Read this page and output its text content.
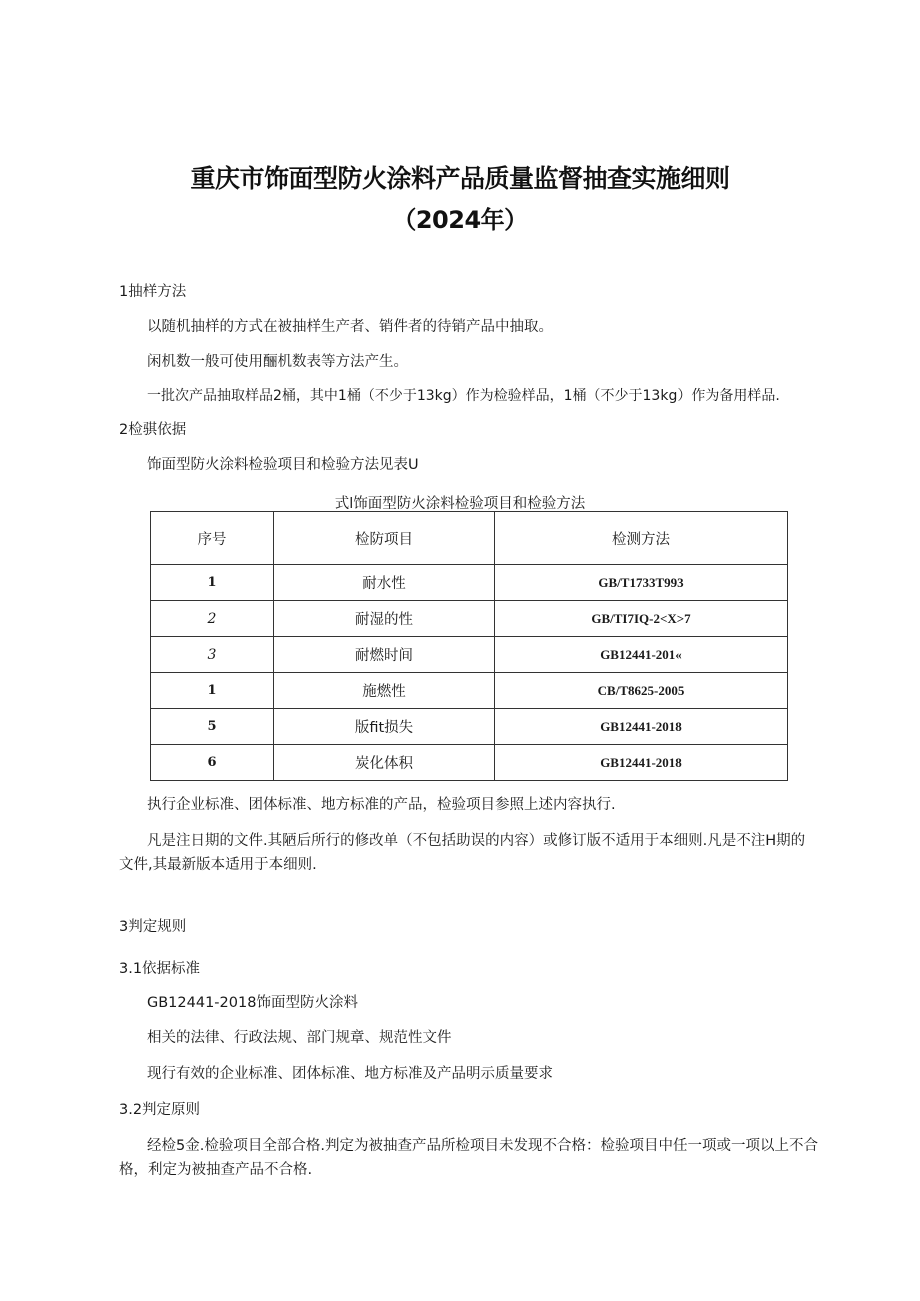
重庆市饰面型防火涂料产品质量监督抽查实施细则
（2024年）
1抽样方法
以随机抽样的方式在被抽样生产者、销件者的待销产品中抽取。
闲机数一般可使用酾机数表等方法产生。
一批次产品抽取样品2桶，其中1桶（不少于13kg）作为检验样品，1桶（不少于13kg）作为备用样品.
2检骐依据
饰面型防火涂料检验项目和检验方法见表U
式l饰面型防火涂料检验项目和检验方法
序号	检防项目	检测方法
1	耐水性	GB/T1733T993
2	耐湿的性	GB/TI7IQ-2<X>7
3	耐燃时间	GB12441-201«
1	施燃性	CB/T8625-2005
5	版fit损失	GB12441-2018
6	炭化体积	GB12441-2018
执行企业标准、团体标准、地方标准的产品，检验项目参照上述内容执行.
凡是注日期的文件.其陋后所行的修改单（不包括助误的内容）或修订版不适用于本细则.凡是不注H期的文件,其最新版本适用于本细则.
3判定规则
3.1依据标准
GB12441-2018饰面型防火涂料
相关的法律、行政法规、部门规章、规范性文件
现行有效的企业标准、团体标准、地方标准及产品明示质量要求
3.2判定原则
经检5金.检验项目全部合格.判定为被抽查产品所检项目未发现不合格：检验项目中任一项或一项以上不合格，利定为被抽查产品不合格.
